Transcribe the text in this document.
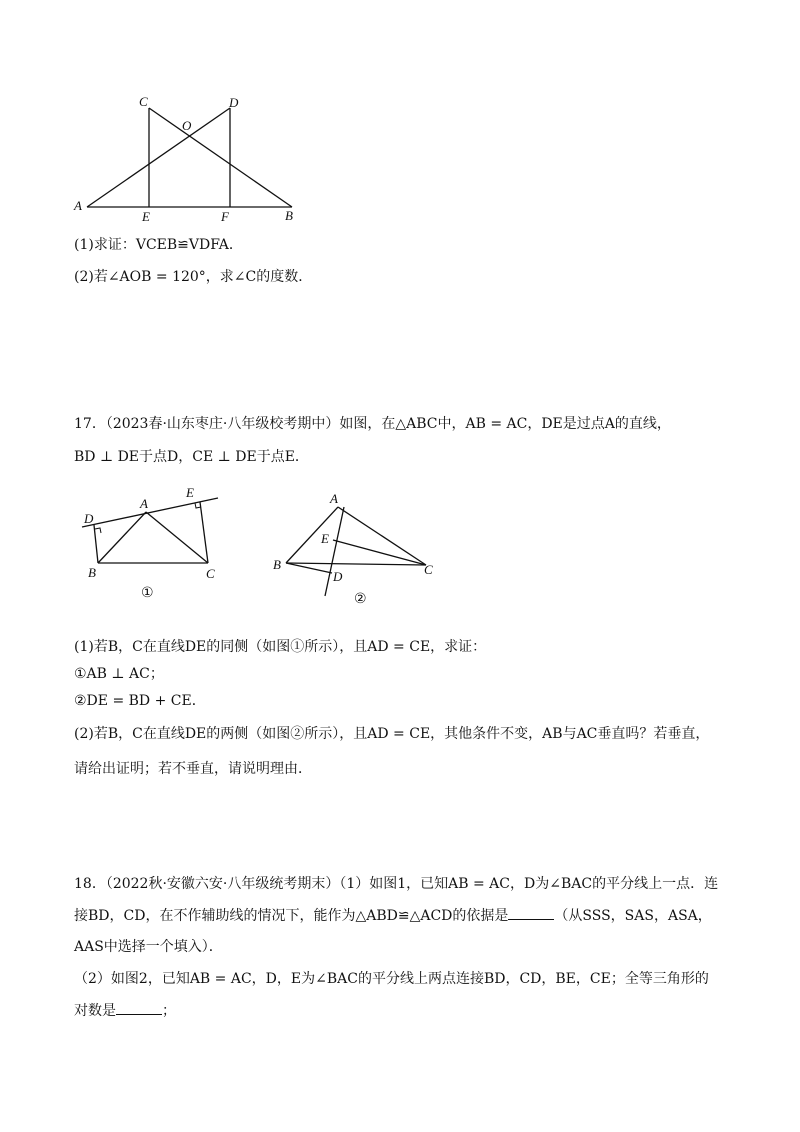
C	D
O
A
E	F	B
(1)求证：VCEB≌VDFA．
(2)若∠AOB = 120°，求∠C的度数．
17．（2023春·山东枣庄·八年级校考期中）如图，在△ABC中，AB = AC，DE是过点A的直线，
BD ⊥ DE于点D，CE ⊥ DE于点E．
D
A
E
B	C
①
A
E
B
D	C
②
(1)若B，C在直线DE的同侧（如图①所示），且AD = CE，求证：
①AB ⊥ AC；
②DE = BD + CE．
(2)若B，C在直线DE的两侧（如图②所示），且AD = CE，其他条件不变，AB与AC垂直吗？若垂直，
请给出证明；若不垂直，请说明理由．
18．（2022秋·安徽六安·八年级统考期末）（1）如图1，已知AB = AC，D为∠BAC的平分线上一点．连
接BD，CD，在不作辅助线的情况下，能作为△ABD≌△ACD的依据是	（从SSS，SAS，ASA，
AAS中选择一个填入）．
（2）如图2，已知AB = AC，D，E为∠BAC的平分线上两点连接BD，CD，BE，CE；全等三角形的
对数是	；
